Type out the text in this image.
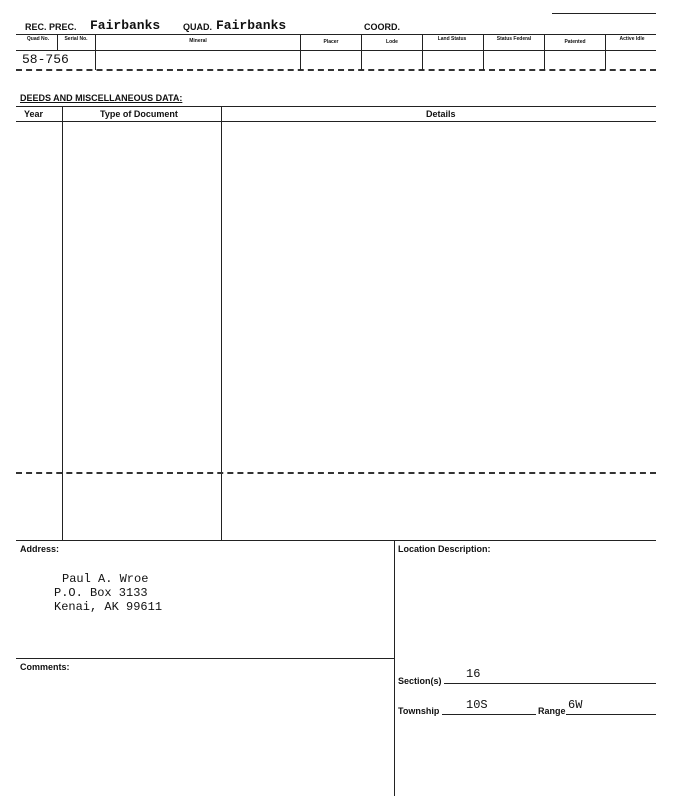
REC. PREC. Fairbanks	QUAD. Fairbanks	COORD.
Quad No.	Serial No.	Mineral	Placer	Lode	Land Status	Status Federal	Patented	Active Idle
58-756
DEEDS AND MISCELLANEOUS DATA:
Year	Type of Document	Details
Address:
Paul A. Wroe
P.O. Box 3133
Kenai, AK 99611
Location Description:
Comments:
Section(s) 16
Township 10S	Range 6W
